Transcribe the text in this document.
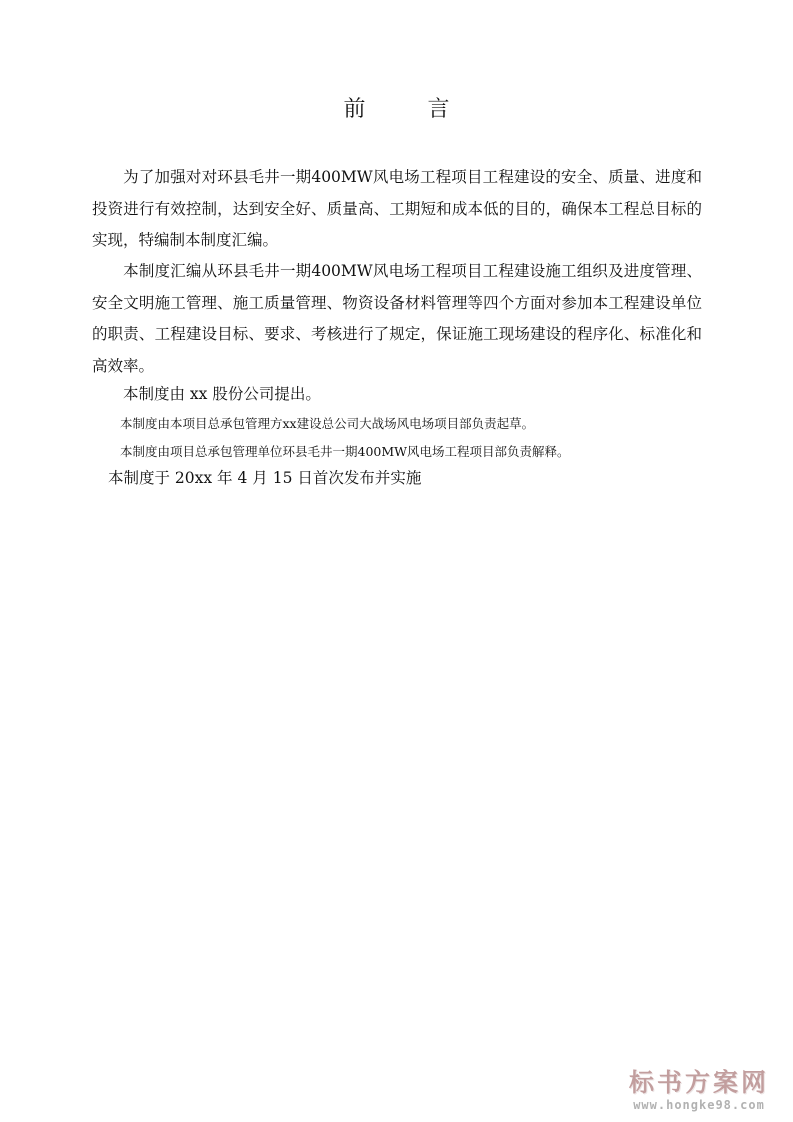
前　言
为了加强对对环县毛井一期400MW风电场工程项目工程建设的安全、质量、进度和投资进行有效控制，达到安全好、质量高、工期短和成本低的目的，确保本工程总目标的实现，特编制本制度汇编。
本制度汇编从环县毛井一期400MW风电场工程项目工程建设施工组织及进度管理、安全文明施工管理、施工质量管理、物资设备材料管理等四个方面对参加本工程建设单位的职责、工程建设目标、要求、考核进行了规定，保证施工现场建设的程序化、标准化和高效率。
本制度由 xx 股份公司提出。
本制度由本项目总承包管理方xx建设总公司大战场风电场项目部负责起草。
本制度由项目总承包管理单位环县毛井一期400MW风电场工程项目部负责解释。
本制度于 20xx 年 4 月 15 日首次发布并实施
标书方案网
www.hongke98.com
